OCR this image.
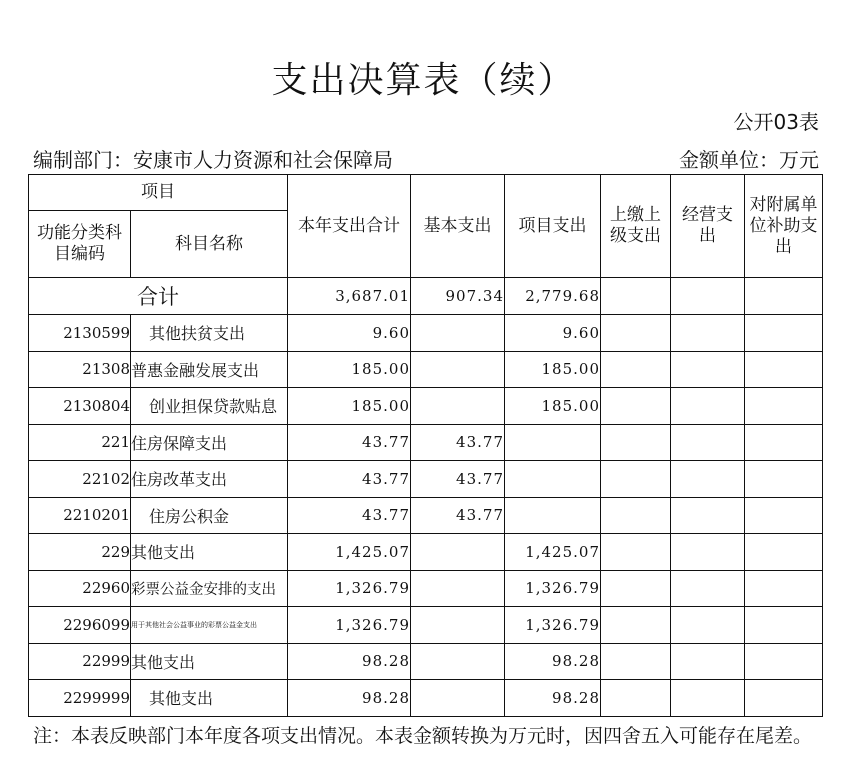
支出决算表（续）
公开03表
编制部门：安康市人力资源和社会保障局	金额单位：万元
项目		本年支出合计	基本支出	项目支出	上缴上级支出	经营支出	对附属单位补助支出
功能分类科目编码	科目名称						
合计		3,687.01	907.34	2,779.68			
2130599	其他扶贫支出	9.60		9.60			
21308	普惠金融发展支出	185.00		185.00			
2130804	创业担保贷款贴息	185.00		185.00			
221	住房保障支出	43.77	43.77				
22102	住房改革支出	43.77	43.77				
2210201	住房公积金	43.77	43.77				
229	其他支出	1,425.07		1,425.07			
22960	彩票公益金安排的支出	1,326.79		1,326.79			
2296099	用于其他社会公益事业的彩票公益金支出	1,326.79		1,326.79			
22999	其他支出	98.28		98.28			
2299999	其他支出	98.28		98.28			
注：本表反映部门本年度各项支出情况。本表金额转换为万元时，因四舍五入可能存在尾差。
